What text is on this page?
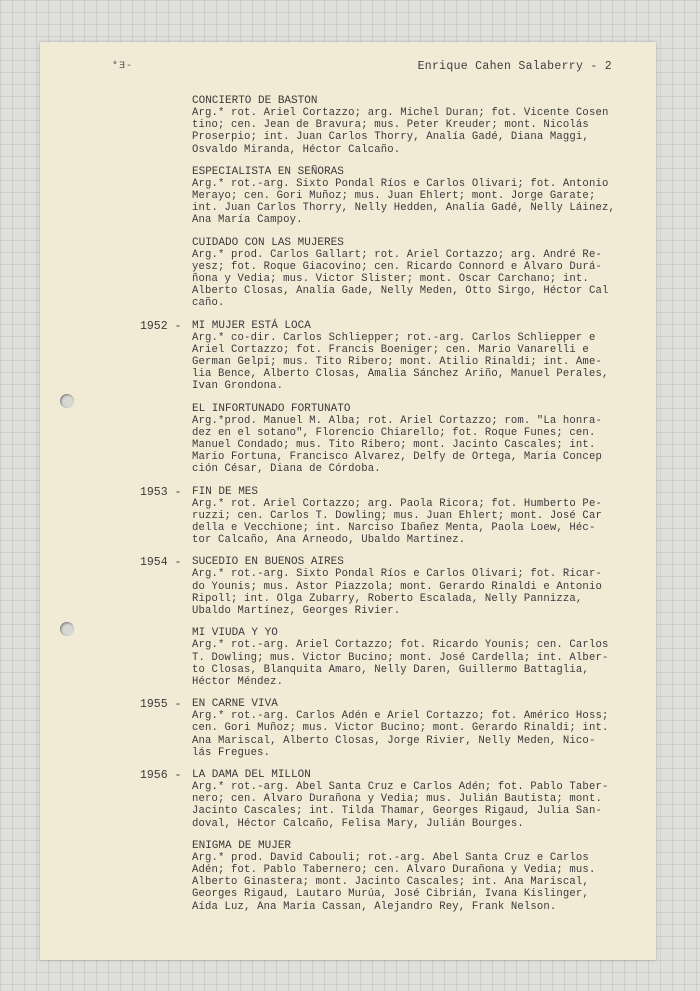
*Ǝ-	Enrique Cahen Salaberry - 2
CONCIERTO DE BASTON
Arg.* rot. Ariel Cortazzo; arg. Michel Duran; fot. Vicente Cosen
tino; cen. Jean de Bravura; mus. Peter Kreuder; mont. Nicolás
Proserpio; int. Juan Carlos Thorry, Analía Gadé, Diana Maggi,
Osvaldo Miranda, Héctor Calcaño.
ESPECIALISTA EN SEÑORAS
Arg.* rot.-arg. Sixto Pondal Ríos e Carlos Olivari; fot. Antonio
Merayo; cen. Gori Muñoz; mus. Juan Ehlert; mont. Jorge Garate;
int. Juan Carlos Thorry, Nelly Hedden, Analía Gadé, Nelly Láinez,
Ana María Campoy.
CUIDADO CON LAS MUJERES
Arg.* prod. Carlos Gallart; rot. Ariel Cortazzo; arg. André Re-
yesz; fot. Roque Giacovino; cen. Ricardo Connord e Alvaro Durá-
ñona y Vedia; mus. Victor Slister; mont. Oscar Carchano; int.
Alberto Closas, Analía Gade, Nelly Meden, Otto Sirgo, Héctor Cal
caño.
1952 - MI MUJER ESTÁ LOCA
Arg.* co-dir. Carlos Schliepper; rot.-arg. Carlos Schliepper e
Ariel Cortazzo; fot. Francis Boeniger; cen. Mario Vanarelli e
German Gelpi; mus. Tito Ribero; mont. Atilio Rinaldi; int. Ame-
lia Bence, Alberto Closas, Amalia Sánchez Ariño, Manuel Perales,
Ivan Grondona.
EL INFORTUNADO FORTUNATO
Arg.*prod. Manuel M. Alba; rot. Ariel Cortazzo; rom. "La honra-
dez en el sotano", Florencio Chiarello; fot. Roque Funes; cen.
Manuel Condado; mus. Tito Ribero; mont. Jacinto Cascales; int.
Mario Fortuna, Francisco Alvarez, Delfy de Ortega, María Concep
ción César, Diana de Córdoba.
1953 - FIN DE MES
Arg.* rot. Ariel Cortazzo; arg. Paola Ricora; fot. Humberto Pe-
ruzzi; cen. Carlos T. Dowling; mus. Juan Ehlert; mont. José Car
della e Vecchione; int. Narciso Ibañez Menta, Paola Loew, Héc-
tor Calcaño, Ana Arneodo, Ubaldo Martínez.
1954 - SUCEDIO EN BUENOS AIRES
Arg.* rot.-arg. Sixto Pondal Ríos e Carlos Olivari; fot. Ricar-
do Younis; mus. Astor Piazzola; mont. Gerardo Rinaldi e Antonio
Ripoll; int. Olga Zubarry, Roberto Escalada, Nelly Pannizza,
Ubaldo Martínez, Georges Rivier.
MI VIUDA Y YO
Arg.* rot.-arg. Ariel Cortazzo; fot. Ricardo Younis; cen. Carlos
T. Dowling; mus. Victor Bucino; mont. José Cardella; int. Alber-
to Closas, Blanquita Amaro, Nelly Daren, Guillermo Battaglia,
Héctor Méndez.
1955 - EN CARNE VIVA
Arg.* rot.-arg. Carlos Adén e Ariel Cortazzo; fot. Américo Hoss;
cen. Gori Muñoz; mus. Victor Bucino; mont. Gerardo Rinaldi; int.
Ana Mariscal, Alberto Closas, Jorge Rivier, Nelly Meden, Nico-
lás Fregues.
1956 - LA DAMA DEL MILLON
Arg.* rot.-arg. Abel Santa Cruz e Carlos Adén; fot. Pablo Taber-
nero; cen. Alvaro Durañona y Vedia; mus. Julián Bautista; mont.
Jacinto Cascales; int. Tilda Thamar, Georges Rigaud, Julia San-
doval, Héctor Calcaño, Felisa Mary, Julián Bourges.
ENIGMA DE MUJER
Arg.* prod. David Cabouli; rot.-arg. Abel Santa Cruz e Carlos
Adén; fot. Pablo Tabernero; cen. Alvaro Durañona y Vedia; mus.
Alberto Ginastera; mont. Jacinto Cascales; int. Ana Mariscal,
Georges Rigaud, Lautaro Murúa, José Cibrián, Ivana Kislinger,
Aída Luz, Ana María Cassan, Alejandro Rey, Frank Nelson.
